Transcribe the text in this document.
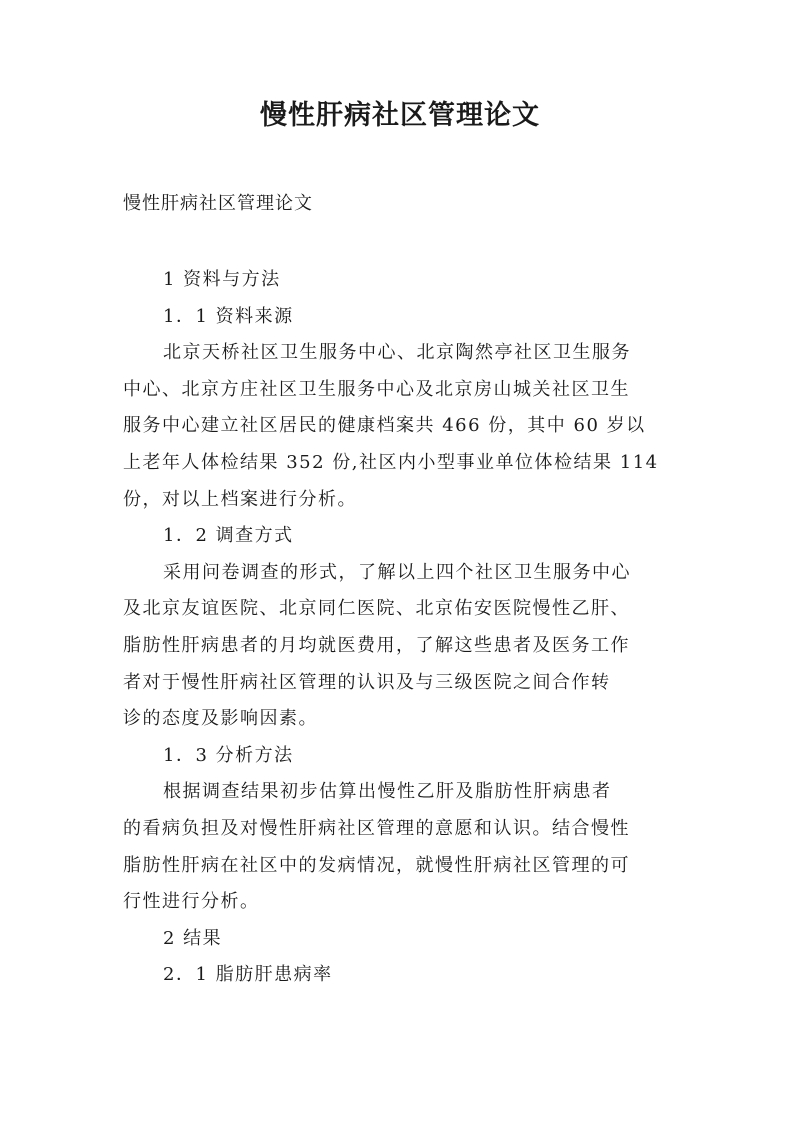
慢性肝病社区管理论文
慢性肝病社区管理论文
1 资料与方法
1．1 资料来源
北京天桥社区卫生服务中心、北京陶然亭社区卫生服务
中心、北京方庄社区卫生服务中心及北京房山城关社区卫生
服务中心建立社区居民的健康档案共 466 份，其中 60 岁以
上老年人体检结果 352 份,社区内小型事业单位体检结果 114
份，对以上档案进行分析。
1．2 调查方式
采用问卷调查的形式，了解以上四个社区卫生服务中心
及北京友谊医院、北京同仁医院、北京佑安医院慢性乙肝、
脂肪性肝病患者的月均就医费用，了解这些患者及医务工作
者对于慢性肝病社区管理的认识及与三级医院之间合作转
诊的态度及影响因素。
1．3 分析方法
根据调查结果初步估算出慢性乙肝及脂肪性肝病患者
的看病负担及对慢性肝病社区管理的意愿和认识。结合慢性
脂肪性肝病在社区中的发病情况，就慢性肝病社区管理的可
行性进行分析。
2 结果
2．1 脂肪肝患病率
